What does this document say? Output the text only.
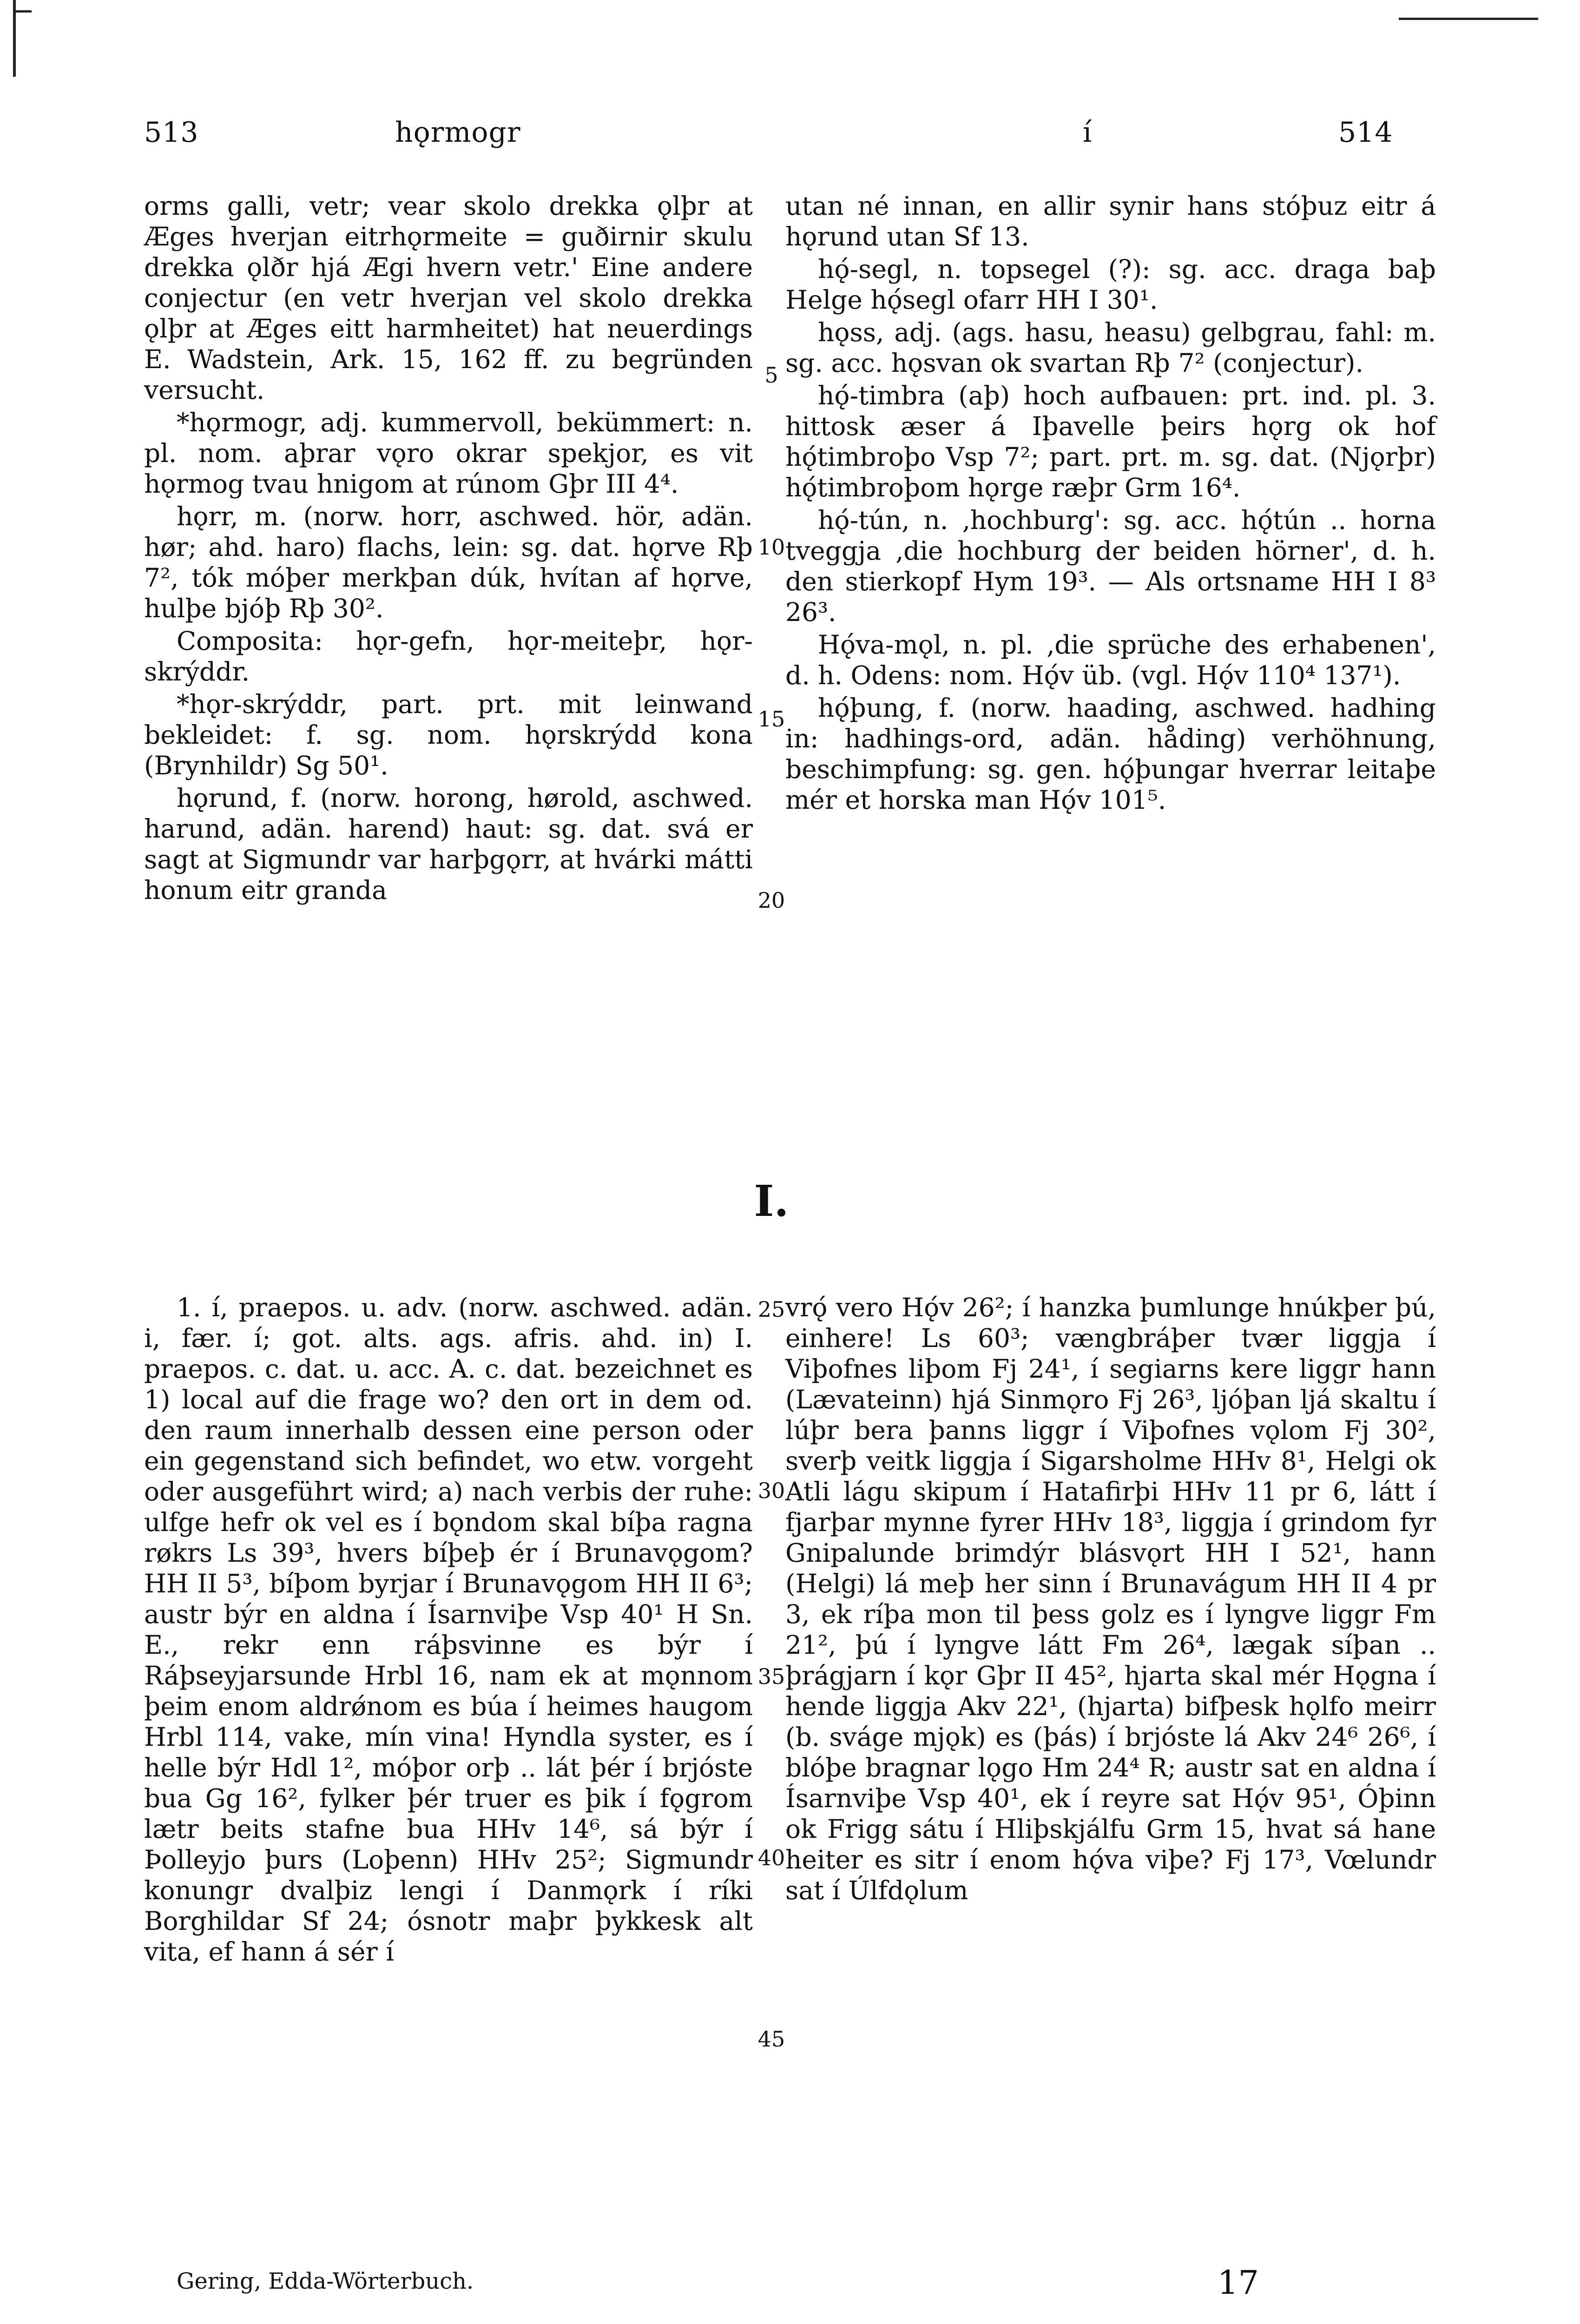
513	hǫrmogr	í	514

orms galli, vetr; vear skolo drekka ǫlþr at Æges hverjan eitrhǫrmeite = guðirnir skulu drekka ǫlðr hjá Ægi hvern vetr.' Eine andere conjectur (en vetr hverjan vel skolo drekka ǫlþr at Æges eitt harmheitet) hat neuerdings E. Wadstein, Ark. 15, 162 ff. zu begründen versucht.

*hǫrmogr, adj. kummervoll, bekümmert: n. pl. nom. aþrar vǫro okrar spekjor, es vit hǫrmog tvau hnigom at rúnom Gþr III 4⁴.

hǫrr, m. (norw. horr, aschwed. hör, adän. hør; ahd. haro) flachs, lein: sg. dat. hǫrve Rþ 7², tók móþer merkþan dúk, hvítan af hǫrve, hulþe bjóþ Rþ 30².

Composita: hǫr-gefn, hǫr-meiteþr, hǫr-skrýddr.

*hǫr-skrýddr, part. prt. mit leinwand bekleidet: f. sg. nom. hǫrskrýdd kona (Brynhildr) Sg 50¹.

hǫrund, f. (norw. horong, hørold, aschwed. harund, adän. harend) haut: sg. dat. svá er sagt at Sigmundr var harþgǫrr, at hvárki mátti honum eitr granda

utan né innan, en allir synir hans stóþuz eitr á hǫrund utan Sf 13.

hǫ́-segl, n. topsegel (?): sg. acc. draga baþ Helge hǫ́segl ofarr HH I 30¹.

hǫss, adj. (ags. hasu, heasu) gelbgrau, fahl: m. sg. acc. hǫsvan ok svartan Rþ 7² (conjectur).

hǫ́-timbra (aþ) hoch aufbauen: prt. ind. pl. 3. hittosk æser á Iþavelle þeirs hǫrg ok hof hǫ́timbroþo Vsp 7²; part. prt. m. sg. dat. (Njǫrþr) hǫ́timbroþom hǫrge ræþr Grm 16⁴.

hǫ́-tún, n. ‚hochburg': sg. acc. hǫ́tún .. horna tveggja ‚die hochburg der beiden hörner', d. h. den stierkopf Hym 19³. — Als ortsname HH I 8³ 26³.

Hǫ́va-mǫl, n. pl. ‚die sprüche des erhabenen', d. h. Odens: nom. Hǫ́v üb. (vgl. Hǫ́v 110⁴ 137¹).

hǫ́þung, f. (norw. haading, aschwed. hadhing in: hadhings-ord, adän. håding) verhöhnung, beschimpfung: sg. gen. hǫ́þungar hverrar leitaþe mér et horska man Hǫ́v 101⁵.

5
10
15
20
I.

1. í, praepos. u. adv. (norw. aschwed. adän. i, fær. í; got. alts. ags. afris. ahd. in) I. praepos. c. dat. u. acc. A. c. dat. bezeichnet es 1) local auf die frage wo? den ort in dem od. den raum innerhalb dessen eine person oder ein gegenstand sich befindet, wo etw. vorgeht oder ausgeführt wird; a) nach verbis der ruhe: ulfge hefr ok vel es í bǫndom skal bíþa ragna røkrs Ls 39³, hvers bíþeþ ér í Brunavǫgom? HH II 5³, bíþom byrjar í Brunavǫgom HH II 6³; austr býr en aldna í Ísarnviþe Vsp 40¹ H Sn. E., rekr enn ráþsvinne es býr í Ráþseyjarsunde Hrbl 16, nam ek at mǫnnom þeim enom aldrǿnom es búa í heimes haugom Hrbl 114, vake, mín vina! Hyndla syster, es í helle býr Hdl 1², móþor orþ .. lát þér í brjóste bua Gg 16², fylker þér truer es þik í fǫgrom lætr beits stafne bua HHv 14⁶, sá býr í Þolleyjo þurs (Loþenn) HHv 25²; Sigmundr konungr dvalþiz lengi í Danmǫrk í ríki Borghildar Sf 24; ósnotr maþr þykkesk alt vita, ef hann á sér í

vrǫ́ vero Hǫ́v 26²; í hanzka þumlunge hnúkþer þú, einhere! Ls 60³; vængbráþer tvær liggja í Viþofnes liþom Fj 24¹, í segiarns kere liggr hann (Lævateinn) hjá Sinmǫro Fj 26³, ljóþan ljá skaltu í lúþr bera þanns liggr í Viþofnes vǫlom Fj 30², sverþ veitk liggja í Sigarsholme HHv 8¹, Helgi ok Atli lágu skipum í Hatafirþi HHv 11 pr 6, látt í fjarþar mynne fyrer HHv 18³, liggja í grindom fyr Gnipalunde brimdýr blásvǫrt HH I 52¹, hann (Helgi) lá meþ her sinn í Brunavágum HH II 4 pr 3, ek ríþa mon til þess golz es í lyngve liggr Fm 21², þú í lyngve látt Fm 26⁴, lægak síþan .. þrágjarn í kǫr Gþr II 45², hjarta skal mér Hǫgna í hende liggja Akv 22¹, (hjarta) bifþesk hǫlfo meirr (b. sváge mjǫk) es (þás) í brjóste lá Akv 24⁶ 26⁶, í blóþe bragnar lǫgo Hm 24⁴ R; austr sat en aldna í Ísarnviþe Vsp 40¹, ek í reyre sat Hǫ́v 95¹, Óþinn ok Frigg sátu í Hliþskjálfu Grm 15, hvat sá hane heiter es sitr í enom hǫ́va viþe? Fj 17³, Vœlundr sat í Úlfdǫlum

25
30
35
40
45
Gering, Edda-Wörterbuch.	17
